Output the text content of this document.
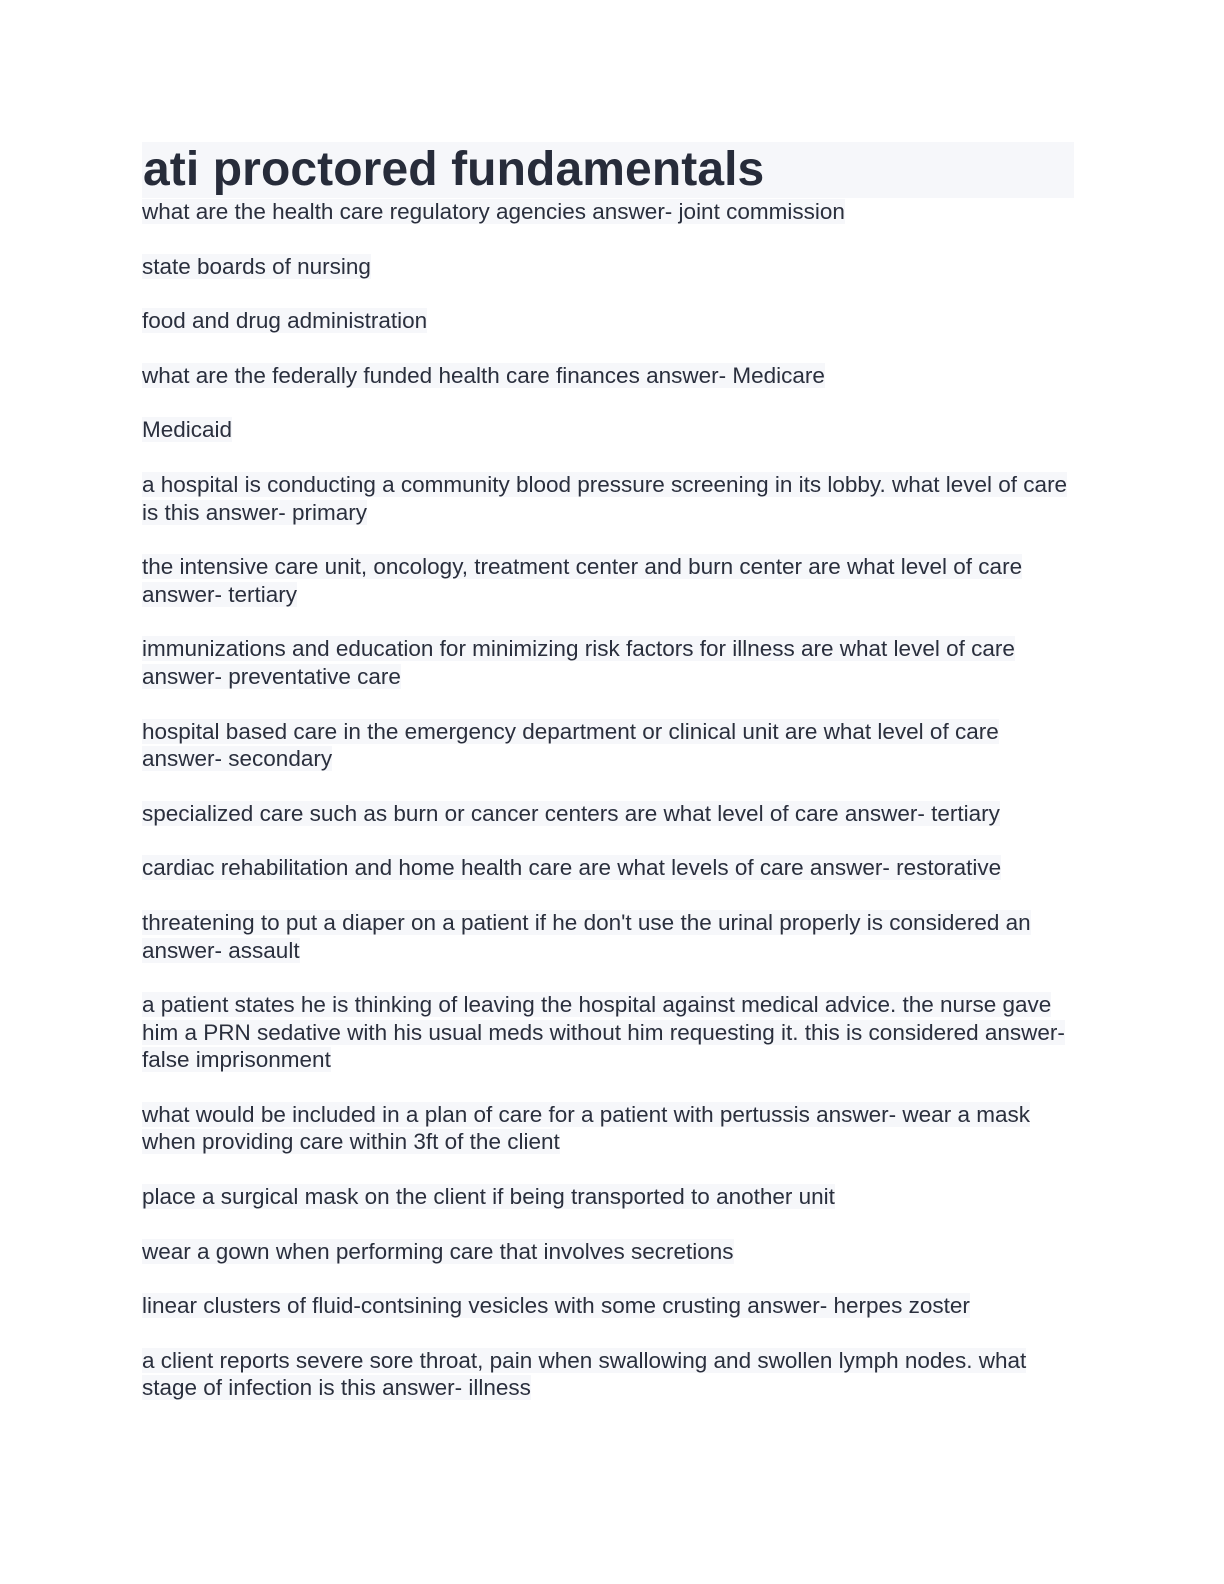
ati proctored fundamentals

what are the health care regulatory agencies answer- joint commission

state boards of nursing

food and drug administration

what are the federally funded health care finances answer- Medicare

Medicaid

a hospital is conducting a community blood pressure screening in its lobby. what level of care is this answer- primary

the intensive care unit, oncology, treatment center and burn center are what level of care answer- tertiary

immunizations and education for minimizing risk factors for illness are what level of care answer- preventative care

hospital based care in the emergency department or clinical unit are what level of care answer- secondary

specialized care such as burn or cancer centers are what level of care answer- tertiary

cardiac rehabilitation and home health care are what levels of care answer- restorative

threatening to put a diaper on a patient if he don't use the urinal properly is considered an answer- assault

a patient states he is thinking of leaving the hospital against medical advice. the nurse gave him a PRN sedative with his usual meds without him requesting it. this is considered answer- false imprisonment

what would be included in a plan of care for a patient with pertussis answer- wear a mask when providing care within 3ft of the client

place a surgical mask on the client if being transported to another unit

wear a gown when performing care that involves secretions

linear clusters of fluid-contsining vesicles with some crusting answer- herpes zoster

a client reports severe sore throat, pain when swallowing and swollen lymph nodes. what stage of infection is this answer- illness
